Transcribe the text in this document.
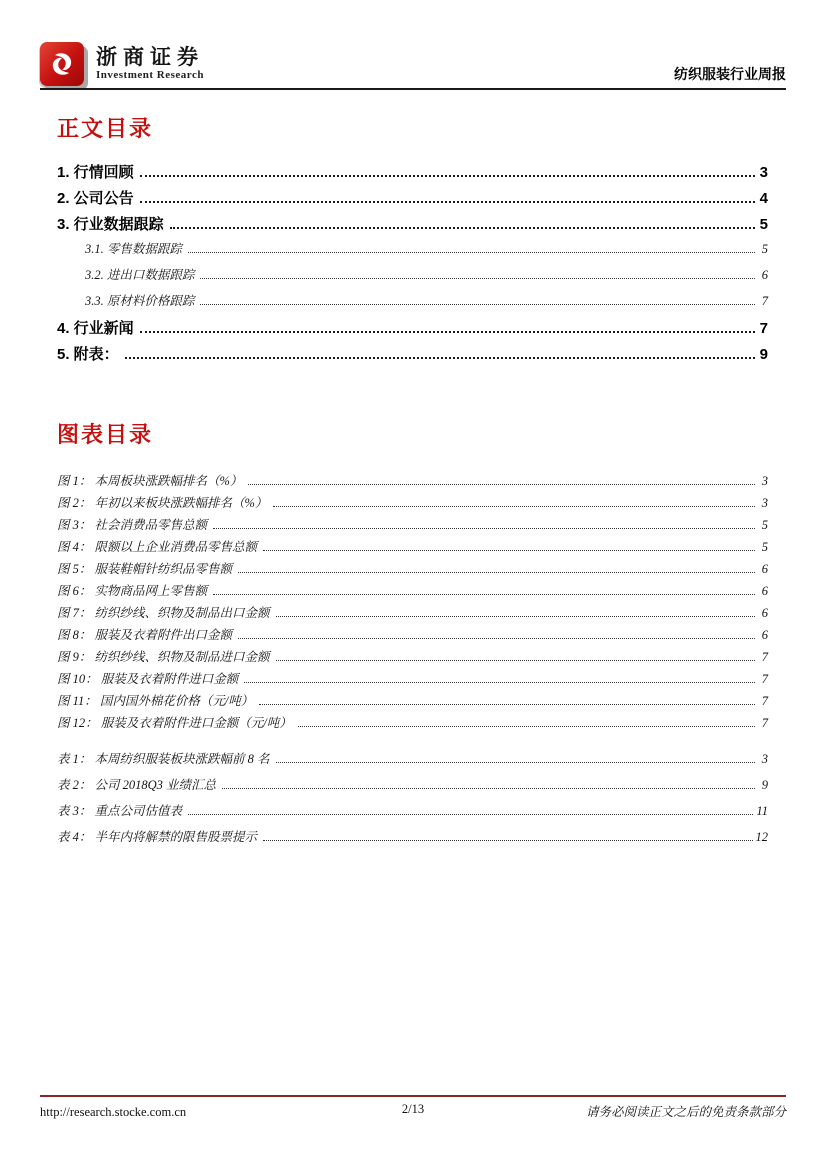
浙商证券
Investment Research	纺织服装行业周报
正文目录
1. 行情回顾	3
2. 公司公告	4
3. 行业数据跟踪	5
3.1. 零售数据跟踪	5
3.2. 进出口数据跟踪	6
3.3. 原材料价格跟踪	7
4. 行业新闻	7
5. 附表：	9
图表目录
图 1： 本周板块涨跌幅排名（%）	3
图 2： 年初以来板块涨跌幅排名（%）	3
图 3： 社会消费品零售总额	5
图 4： 限额以上企业消费品零售总额	5
图 5： 服装鞋帽针纺织品零售额	6
图 6： 实物商品网上零售额	6
图 7： 纺织纱线、织物及制品出口金额	6
图 8： 服装及衣着附件出口金额	6
图 9： 纺织纱线、织物及制品进口金额	7
图 10： 服装及衣着附件进口金额	7
图 11： 国内国外棉花价格（元/吨）	7
图 12： 服装及衣着附件进口金额（元/吨）	7
表 1： 本周纺织服装板块涨跌幅前 8 名	3
表 2： 公司 2018Q3 业绩汇总	9
表 3： 重点公司估值表	11
表 4： 半年内将解禁的限售股票提示	12
http://research.stocke.com.cn	2/13	请务必阅读正文之后的免责条款部分
